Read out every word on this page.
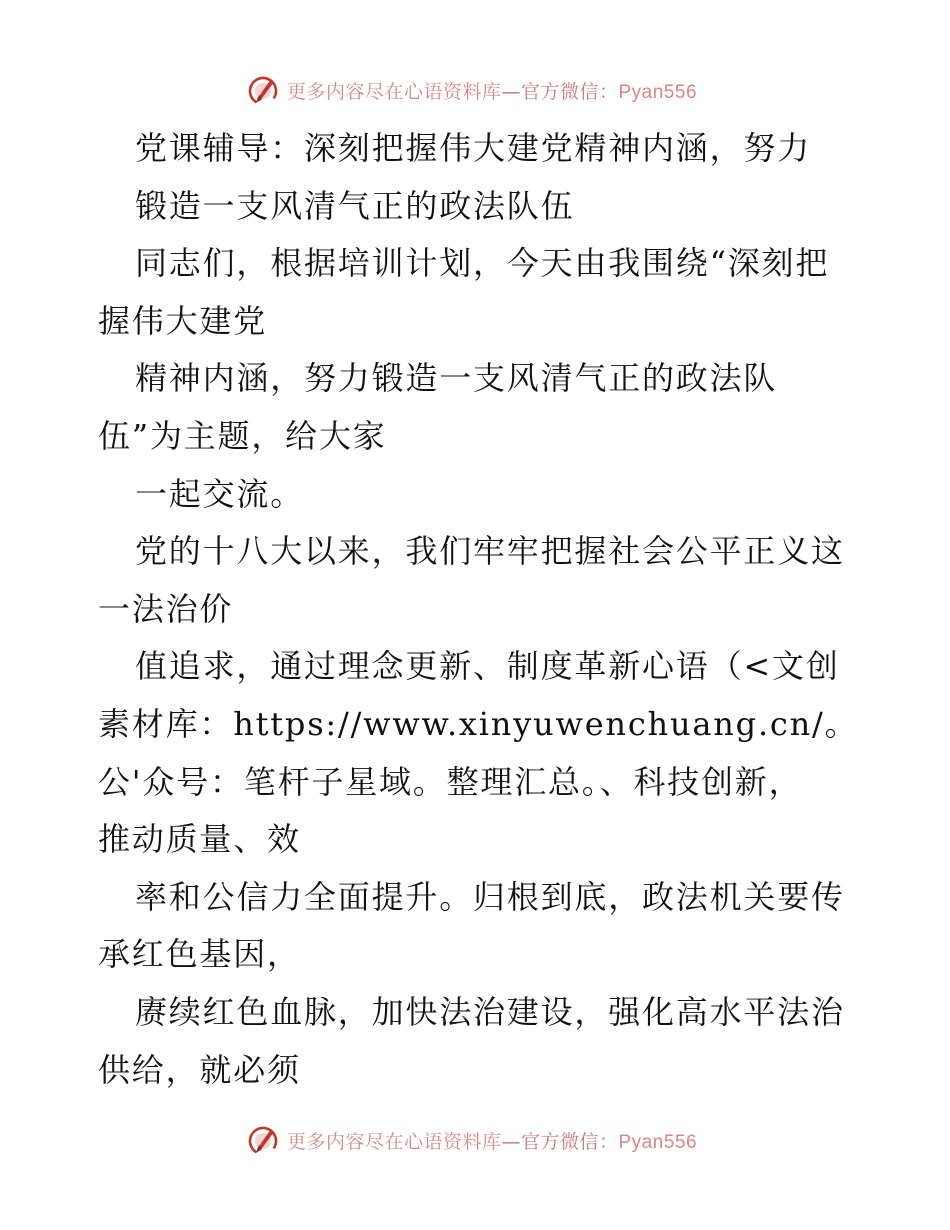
更多内容尽在心语资料库—官方微信：Pyan556
党课辅导：深刻把握伟大建党精神内涵，努力
锻造一支风清气正的政法队伍
同志们，根据培训计划，今天由我围绕“深刻把
握伟大建党
精神内涵，努力锻造一支风清气正的政法队
伍”为主题，给大家
一起交流。
党的十八大以来，我们牢牢把握社会公平正义这
一法治价
值追求，通过理念更新、制度革新心语（<文创
素材库：https://www.xinyuwenchuang.cn/。
公'众号：笔杆子星域。整理汇总。、科技创新，
推动质量、效
率和公信力全面提升。归根到底，政法机关要传
承红色基因，
赓续红色血脉，加快法治建设，强化高水平法治
供给，就必须
更多内容尽在心语资料库—官方微信：Pyan556
